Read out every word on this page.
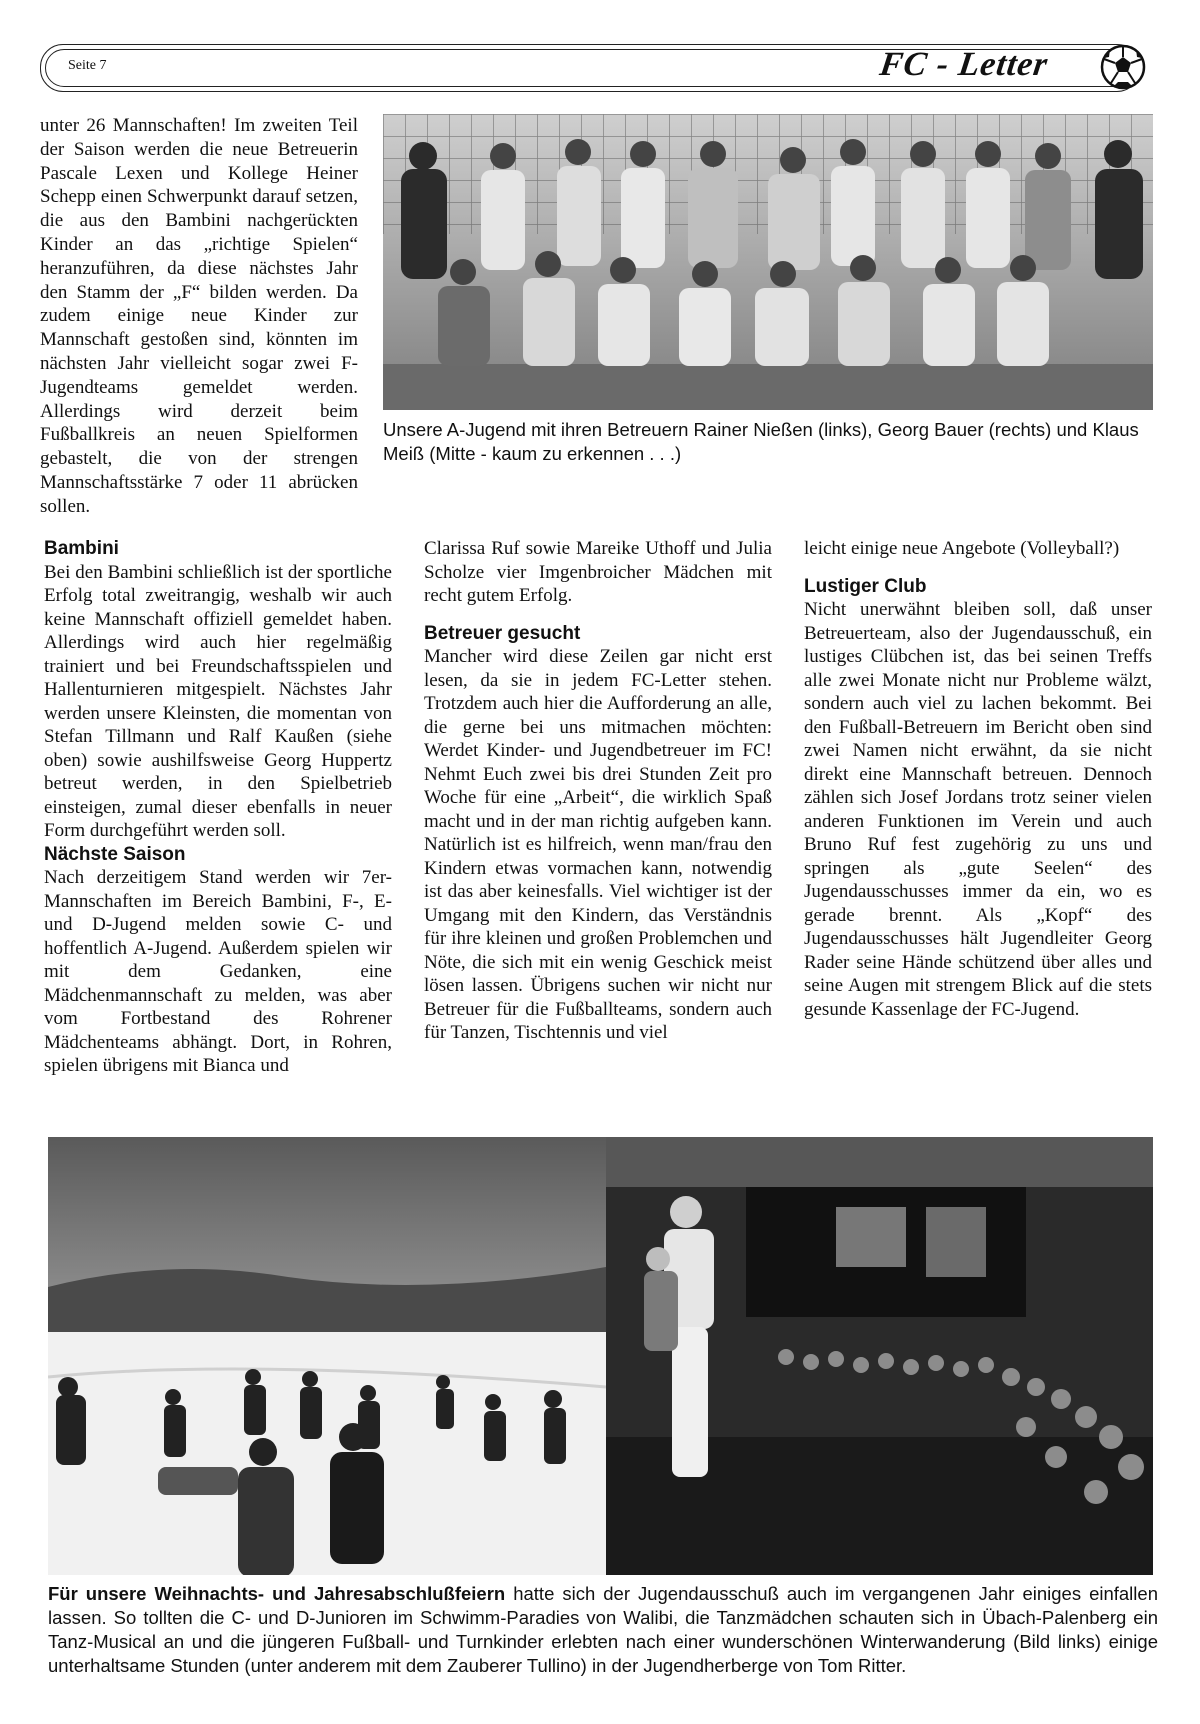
Seite 7	FC - Letter

unter 26 Mannschaften! Im zweiten Teil der Saison werden die neue Betreuerin Pascale Lexen und Kollege Heiner Schepp einen Schwerpunkt darauf setzen, die aus den Bambini nachgerückten Kinder an das „richtige Spielen“ heranzuführen, da diese nächstes Jahr den Stamm der „F“ bilden werden. Da zudem einige neue Kinder zur Mannschaft gestoßen sind, könnten im nächsten Jahr vielleicht sogar zwei F-Jugendteams gemeldet werden. Allerdings wird derzeit beim Fußballkreis an neuen Spielformen gebastelt, die von der strengen Mannschaftsstärke 7 oder 11 abrücken sollen.

Unsere A-Jugend mit ihren Betreuern Rainer Nießen (links), Georg Bauer (rechts) und Klaus Meiß (Mitte - kaum zu erkennen . . .)
Bambini

Bei den Bambini schließlich ist der sportliche Erfolg total zweitrangig, weshalb wir auch keine Mannschaft offiziell gemeldet haben. Allerdings wird auch hier regelmäßig trainiert und bei Freundschaftsspielen und Hallenturnieren mitgespielt. Nächstes Jahr werden unsere Kleinsten, die momentan von Stefan Tillmann und Ralf Kaußen (siehe oben) sowie aushilfsweise Georg Huppertz betreut werden, in den Spielbetrieb einsteigen, zumal dieser ebenfalls in neuer Form durchgeführt werden soll.

Nächste Saison

Nach derzeitigem Stand werden wir 7er-Mannschaften im Bereich Bambini, F-, E- und D-Jugend melden sowie C- und hoffentlich A-Jugend. Außerdem spielen wir mit dem Gedanken, eine Mädchenmannschaft zu melden, was aber vom Fortbestand des Rohrener Mädchenteams abhängt. Dort, in Rohren, spielen übrigens mit Bianca und

Clarissa Ruf sowie Mareike Uthoff und Julia Scholze vier Imgenbroicher Mädchen mit recht gutem Erfolg.

Betreuer gesucht

Mancher wird diese Zeilen gar nicht erst lesen, da sie in jedem FC-Letter stehen. Trotzdem auch hier die Aufforderung an alle, die gerne bei uns mitmachen möchten: Werdet Kinder- und Jugendbetreuer im FC! Nehmt Euch zwei bis drei Stunden Zeit pro Woche für eine „Arbeit“, die wirklich Spaß macht und in der man richtig aufgeben kann. Natürlich ist es hilfreich, wenn man/frau den Kindern etwas vormachen kann, notwendig ist das aber keinesfalls. Viel wichtiger ist der Umgang mit den Kindern, das Verständnis für ihre kleinen und großen Problemchen und Nöte, die sich mit ein wenig Geschick meist lösen lassen. Übrigens suchen wir nicht nur Betreuer für die Fußballteams, sondern auch für Tanzen, Tischtennis und viel

leicht einige neue Angebote (Volleyball?)

Lustiger Club

Nicht unerwähnt bleiben soll, daß unser Betreuerteam, also der Jugendausschuß, ein lustiges Clübchen ist, das bei seinen Treffs alle zwei Monate nicht nur Probleme wälzt, sondern auch viel zu lachen bekommt. Bei den Fußball-Betreuern im Bericht oben sind zwei Namen nicht erwähnt, da sie nicht direkt eine Mannschaft betreuen. Dennoch zählen sich Josef Jordans trotz seiner vielen anderen Funktionen im Verein und auch Bruno Ruf fest zugehörig zu uns und springen als „gute Seelen“ des Jugendausschusses immer da ein, wo es gerade brennt. Als „Kopf“ des Jugendausschusses hält Jugendleiter Georg Rader seine Hände schützend über alles und seine Augen mit strengem Blick auf die stets gesunde Kassenlage der FC-Jugend.

Für unsere Weihnachts- und Jahresabschlußfeiern hatte sich der Jugendausschuß auch im vergangenen Jahr einiges einfallen lassen. So tollten die C- und D-Junioren im Schwimm-Paradies von Walibi, die Tanzmädchen schauten sich in Übach-Palenberg ein Tanz-Musical an und die jüngeren Fußball- und Turnkinder erlebten nach einer wunderschönen Winterwanderung (Bild links) einige unterhaltsame Stunden (unter anderem mit dem Zauberer Tullino) in der Jugendherberge von Tom Ritter.
